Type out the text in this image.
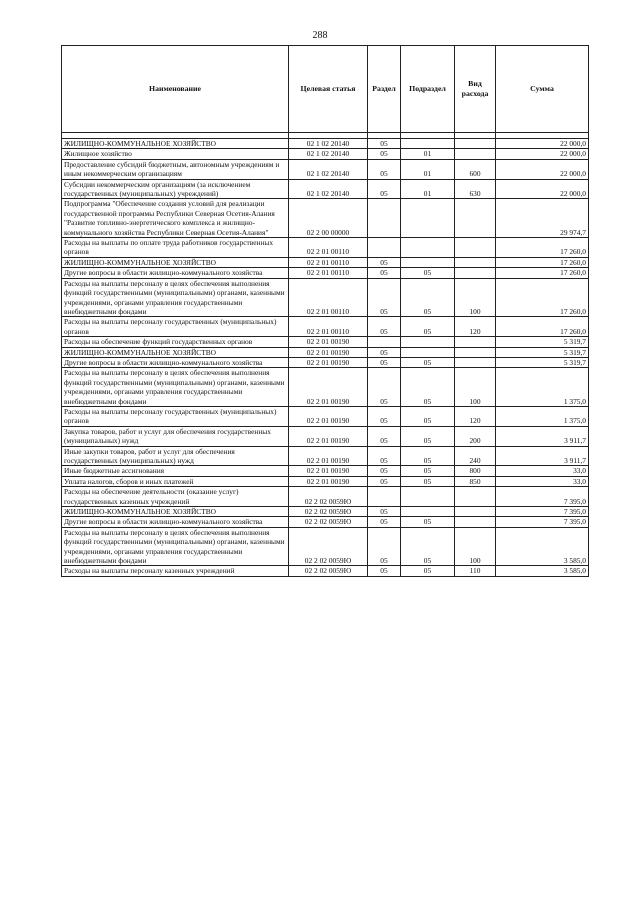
288
Наименование	Целевая статья	Раздел	Подраздел	Вид расхода	Сумма

ЖИЛИЩНО-КОММУНАЛЬНОЕ ХОЗЯЙСТВО	02 1 02 20140	05			22 000,0
Жилищное хозяйство	02 1 02 20140	05	01		22 000,0
Предоставление субсидий бюджетным, автономным учреждениям и иным некоммерческим организациям	02 1 02 20140	05	01	600	22 000,0
Субсидии некоммерческим организациям (за исключением государственных (муниципальных) учреждений)	02 1 02 20140	05	01	630	22 000,0
Подпрограмма "Обеспечение создания условий для реализации государственной программы Республики Северная Осетия-Алания "Развитие топливно-энергетического комплекса и жилищно-коммунального хозяйства Республики Северная Осетия-Алания"	02 2 00 00000				29 974,7
Расходы на выплаты по оплате труда работников государственных органов	02 2 01 00110				17 260,0
ЖИЛИЩНО-КОММУНАЛЬНОЕ ХОЗЯЙСТВО	02 2 01 00110	05			17 260,0
Другие вопросы в области жилищно-коммунального хозяйства	02 2 01 00110	05	05		17 260,0
Расходы на выплаты персоналу в целях обеспечения выполнения функций государственными (муниципальными) органами, казенными учреждениями, органами управления государственными внебюджетными фондами	02 2 01 00110	05	05	100	17 260,0
Расходы на выплаты персоналу государственных (муниципальных) органов	02 2 01 00110	05	05	120	17 260,0
Расходы на обеспечение функций государственных органов	02 2 01 00190				5 319,7
ЖИЛИЩНО-КОММУНАЛЬНОЕ ХОЗЯЙСТВО	02 2 01 00190	05			5 319,7
Другие вопросы в области жилищно-коммунального хозяйства	02 2 01 00190	05	05		5 319,7
Расходы на выплаты персоналу в целях обеспечения выполнения функций государственными (муниципальными) органами, казенными учреждениями, органами управления государственными внебюджетными фондами	02 2 01 00190	05	05	100	1 375,0
Расходы на выплаты персоналу государственных (муниципальных) органов	02 2 01 00190	05	05	120	1 375,0
Закупка товаров, работ и услуг для обеспечения государственных (муниципальных) нужд	02 2 01 00190	05	05	200	3 911,7
Иные закупки товаров, работ и услуг для обеспечения государственных (муниципальных) нужд	02 2 01 00190	05	05	240	3 911,7
Иные бюджетные ассигнования	02 2 01 00190	05	05	800	33,0
Уплата налогов, сборов и иных платежей	02 2 01 00190	05	05	850	33,0
Расходы на обеспечение деятельности (оказание услуг) государственных казенных учреждений	02 2 02 0059Ю				7 395,0
ЖИЛИЩНО-КОММУНАЛЬНОЕ ХОЗЯЙСТВО	02 2 02 0059Ю	05			7 395,0
Другие вопросы в области жилищно-коммунального хозяйства	02 2 02 0059Ю	05	05		7 395,0
Расходы на выплаты персоналу в целях обеспечения выполнения функций государственными (муниципальными) органами, казенными учреждениями, органами управления государственными внебюджетными фондами	02 2 02 0059Ю	05	05	100	3 585,0
Расходы на выплаты персоналу казенных учреждений	02 2 02 0059Ю	05	05	110	3 585,0
